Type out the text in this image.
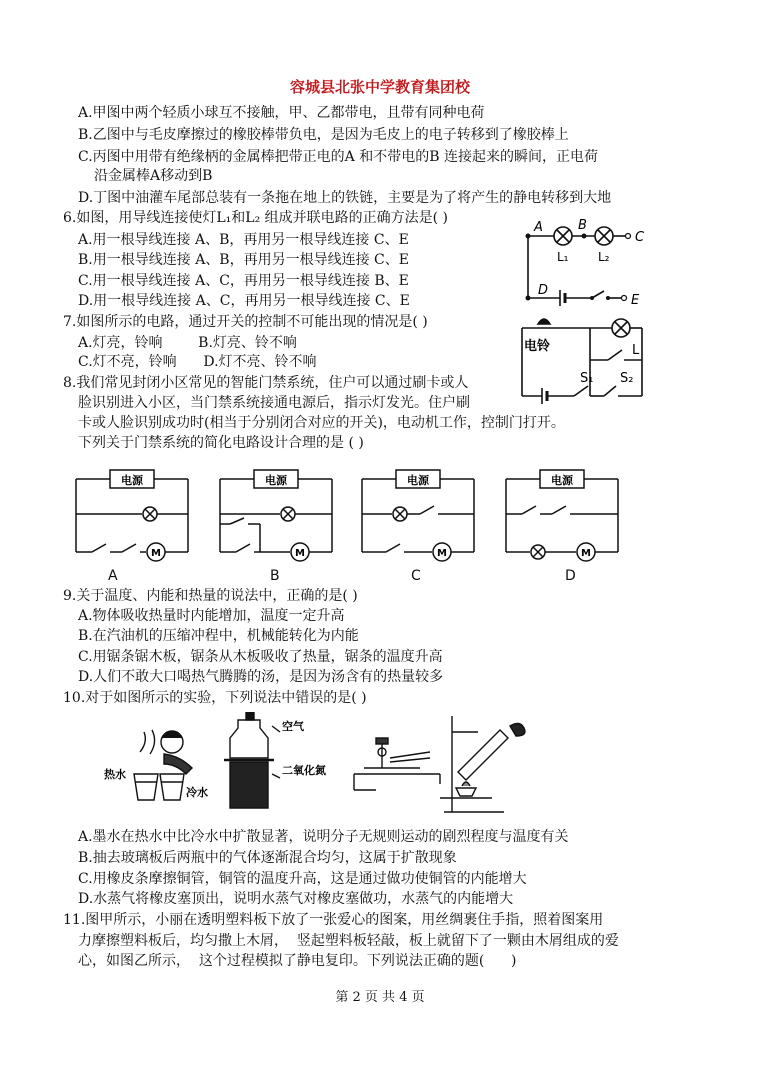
容城县北张中学教育集团校
A.甲图中两个轻质小球互不接触，甲、乙都带电，且带有同种电荷
B.乙图中与毛皮摩擦过的橡胶棒带负电，是因为毛皮上的电子转移到了橡胶棒上
C.丙图中用带有绝缘柄的金属棒把带正电的A 和不带电的B 连接起来的瞬间，正电荷
沿金属棒A移动到B
D.丁图中油灌车尾部总装有一条拖在地上的铁链，主要是为了将产生的静电转移到大地
6.如图，用导线连接使灯L₁和L₂ 组成并联电路的正确方法是( )
A.用一根导线连接 A、B，再用另一根导线连接 C、E
B.用一根导线连接 A、B，再用另一根导线连接 C、E
C.用一根导线连接 A、C，再用另一根导线连接 B、E
D.用一根导线连接 A、C，再用另一根导线连接 C、E
A	B
C
D
E
L₁ L₂
7.如图所示的电路，通过开关的控制不可能出现的情况是( )
A.灯亮，铃响        B.灯亮、铃不响
C.灯不亮，铃响      D.灯不亮、铃不响
电铃	L
S₁ S₂
8.我们常见封闭小区常见的智能门禁系统，住户可以通过刷卡或人
脸识别进入小区，当门禁系统接通电源后，指示灯发光。住户刷
卡或人脸识别成功时(相当于分别闭合对应的开关)，电动机工作，控制门打开。
下列关于门禁系统的简化电路设计合理的是 ( )
电源
M
电源
M
电源
M
电源
M
A	B	C	D
9.关于温度、内能和热量的说法中，正确的是( )
A.物体吸收热量时内能增加，温度一定升高
B.在汽油机的压缩冲程中，机械能转化为内能
C.用锯条锯木板，锯条从木板吸收了热量，锯条的温度升高
D.人们不敢大口喝热气腾腾的汤，是因为汤含有的热量较多
10.对于如图所示的实验，下列说法中错误的是( )
热水
冷水
空气
二氧化氮
A.墨水在热水中比冷水中扩散显著，说明分子无规则运动的剧烈程度与温度有关
B.抽去玻璃板后两瓶中的气体逐渐混合均匀，这属于扩散现象
C.用橡皮条摩擦铜管，铜管的温度升高，这是通过做功使铜管的内能增大
D.水蒸气将橡皮塞顶出，说明水蒸气对橡皮塞做功，水蒸气的内能增大
11.图甲所示，小丽在透明塑料板下放了一张爱心的图案，用丝绸裹住手指，照着图案用
力摩擦塑料板后，均匀撒上木屑，  竖起塑料板轻敲，板上就留下了一颗由木屑组成的爱
心，如图乙所示，  这个过程模拟了静电复印。下列说法正确的题(      )
第 2 页 共 4 页
